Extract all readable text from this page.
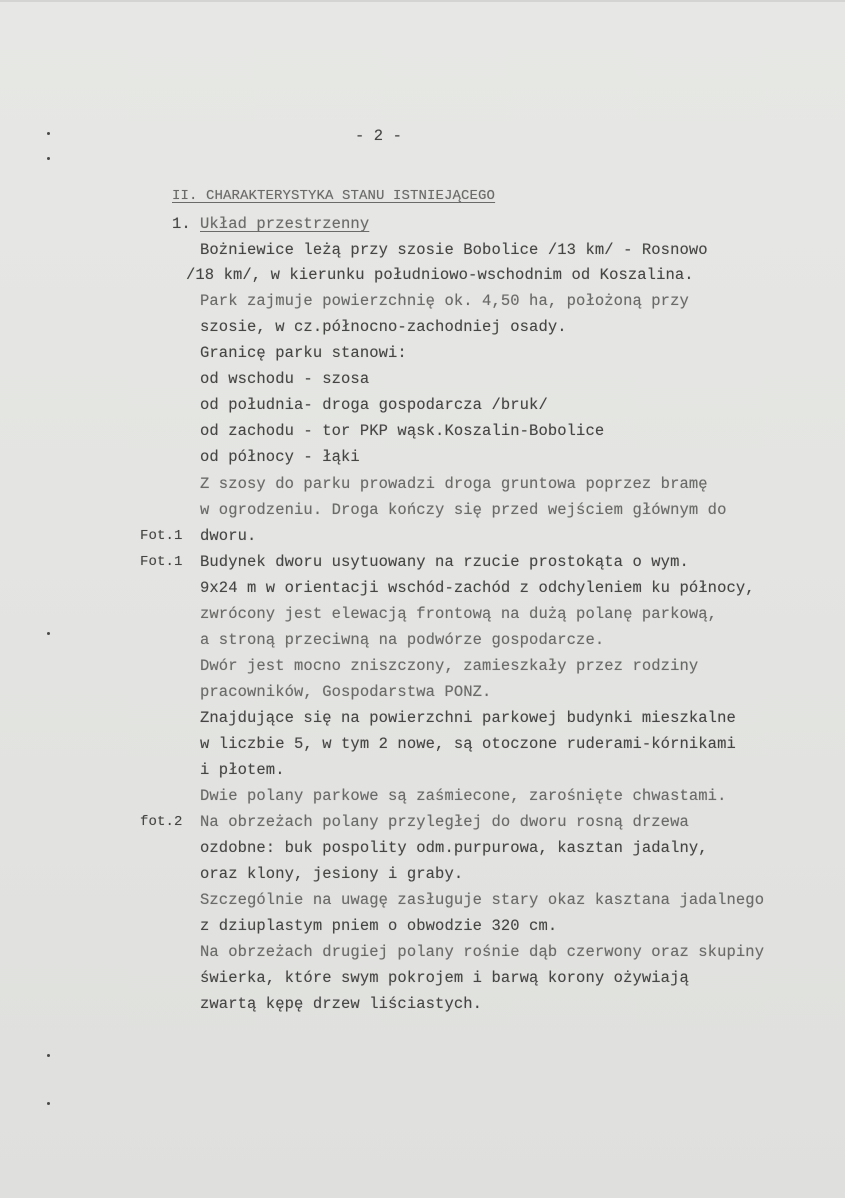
- 2 -
II. CHARAKTERYSTYKA STANU ISTNIEJĄCEGO
1. Układ przestrzenny
Bożniewice leżą przy szosie Bobolice /13 km/ - Rosnowo
/18 km/, w kierunku południowo-wschodnim od Koszalina.
Park zajmuje powierzchnię ok. 4,50 ha, położoną przy
szosie, w cz.północno-zachodniej osady.
Granicę parku stanowi:
od wschodu - szosa
od południa- droga gospodarcza /bruk/
od zachodu - tor PKP wąsk.Koszalin-Bobolice
od północy - łąki
Z szosy do parku prowadzi droga gruntowa poprzez bramę
w ogrodzeniu. Droga kończy się przed wejściem głównym do
Fot.1 dworu.
Fot.1 Budynek dworu usytuowany na rzucie prostokąta o wym.
9x24 m w orientacji wschód-zachód z odchyleniem ku północy,
zwrócony jest elewacją frontową na dużą polanę parkową,
a stroną przeciwną na podwórze gospodarcze.
Dwór jest mocno zniszczony, zamieszkały przez rodziny
pracowników, Gospodarstwa PONZ.
Znajdujące się na powierzchni parkowej budynki mieszkalne
w liczbie 5, w tym 2 nowe, są otoczone ruderami-kórnikami
i płotem.
Dwie polany parkowe są zaśmiecone, zarośnięte chwastami.
fot.2 Na obrzeżach polany przyległej do dworu rosną drzewa
ozdobne: buk pospolity odm.purpurowa, kasztan jadalny,
oraz klony, jesiony i graby.
Szczególnie na uwagę zasługuje stary okaz kasztana jadalnego
z dziuplastym pniem o obwodzie 320 cm.
Na obrzeżach drugiej polany rośnie dąb czerwony oraz skupiny
świerka, które swym pokrojem i barwą korony ożywiają
zwartą kępę drzew liściastych.
